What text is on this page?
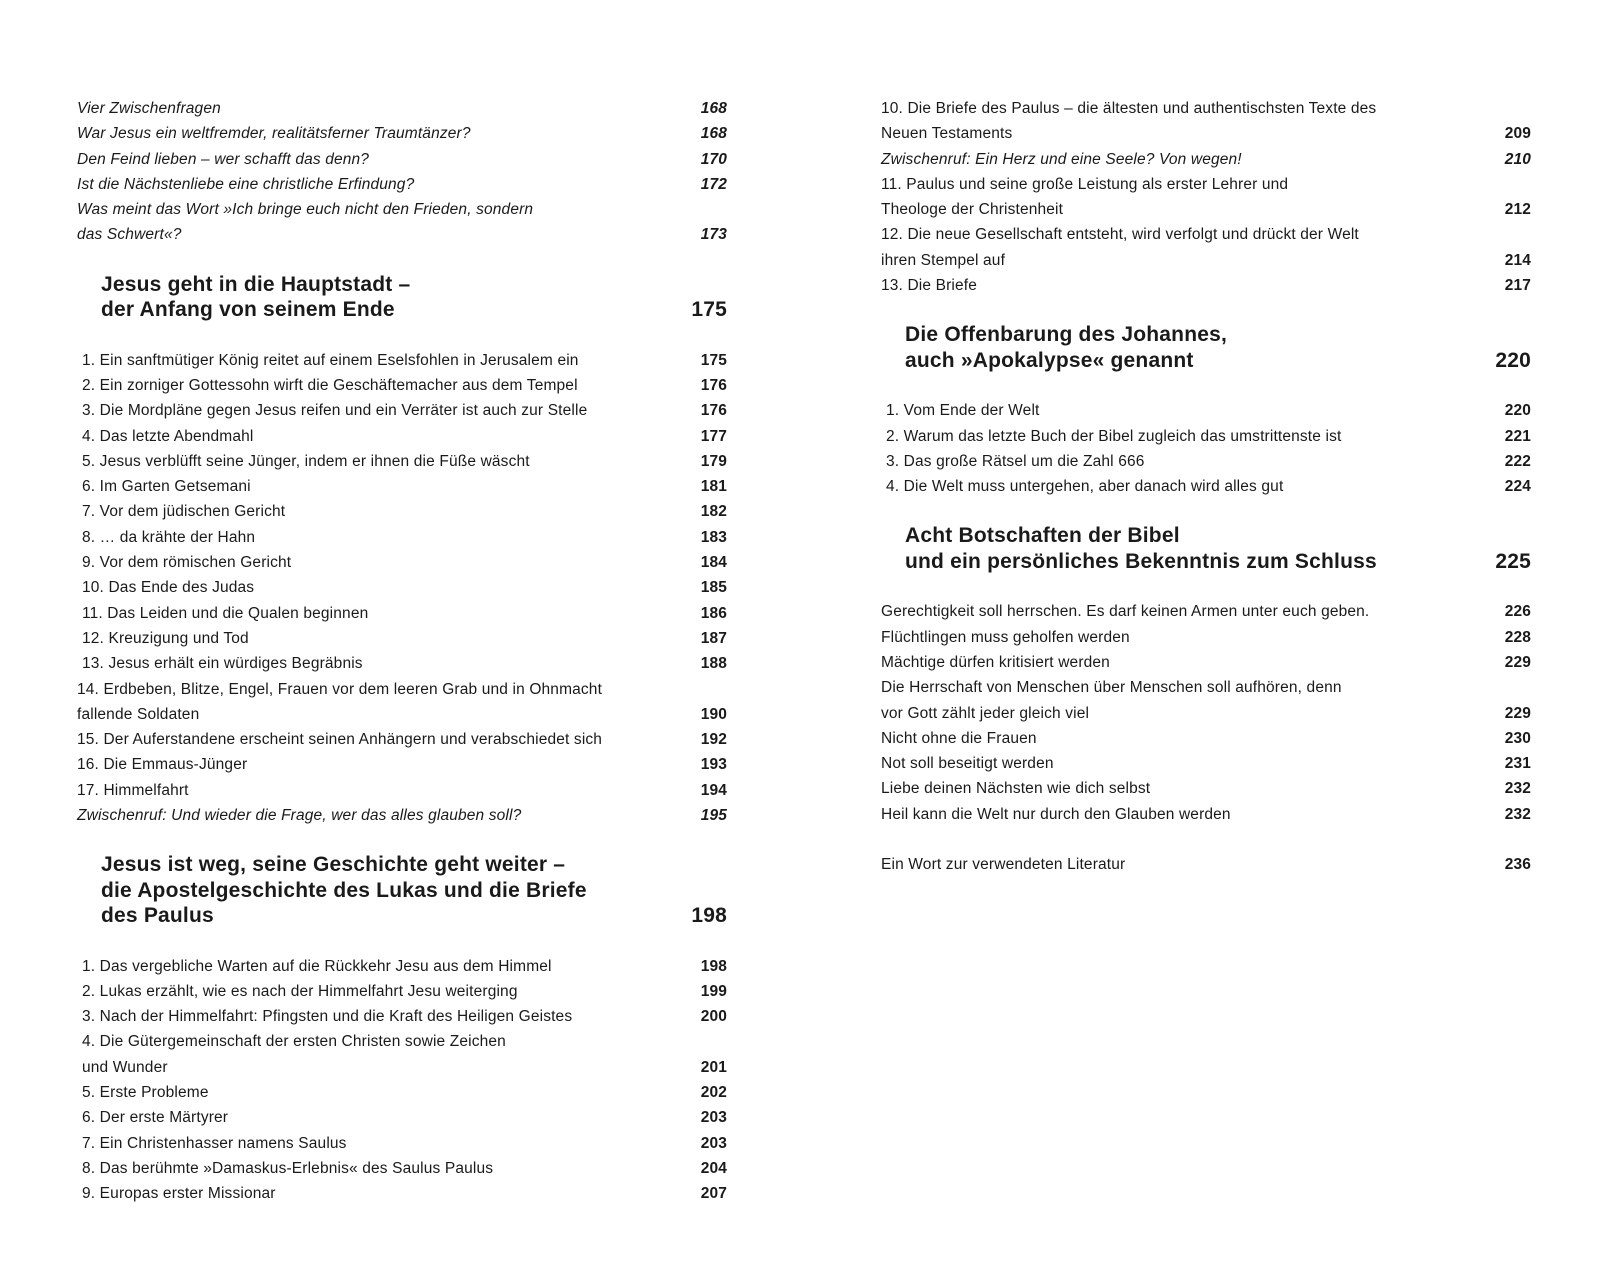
Vier Zwischenfragen	168
War Jesus ein weltfremder, realitätsferner Traumtänzer?	168
Den Feind lieben – wer schafft das denn?	170
Ist die Nächstenliebe eine christliche Erfindung?	172
Was meint das Wort »Ich bringe euch nicht den Frieden, sondern
das Schwert«?	173
Jesus geht in die Hauptstadt –
der Anfang von seinem Ende	175
1. Ein sanftmütiger König reitet auf einem Eselsfohlen in Jerusalem ein	175
2. Ein zorniger Gottessohn wirft die Geschäftemacher aus dem Tempel	176
3. Die Mordpläne gegen Jesus reifen und ein Verräter ist auch zur Stelle	176
4. Das letzte Abendmahl	177
5. Jesus verblüfft seine Jünger, indem er ihnen die Füße wäscht	179
6. Im Garten Getsemani	181
7. Vor dem jüdischen Gericht	182
8. … da krähte der Hahn	183
9. Vor dem römischen Gericht	184
10. Das Ende des Judas	185
11. Das Leiden und die Qualen beginnen	186
12. Kreuzigung und Tod	187
13. Jesus erhält ein würdiges Begräbnis	188
14. Erdbeben, Blitze, Engel, Frauen vor dem leeren Grab und in Ohnmacht
fallende Soldaten	190
15. Der Auferstandene erscheint seinen Anhängern und verabschiedet sich	192
16. Die Emmaus-Jünger	193
17. Himmelfahrt	194
Zwischenruf: Und wieder die Frage, wer das alles glauben soll?	195
Jesus ist weg, seine Geschichte geht weiter –
die Apostelgeschichte des Lukas und die Briefe
des Paulus	198
1. Das vergebliche Warten auf die Rückkehr Jesu aus dem Himmel	198
2. Lukas erzählt, wie es nach der Himmelfahrt Jesu weiterging	199
3. Nach der Himmelfahrt: Pfingsten und die Kraft des Heiligen Geistes	200
4. Die Gütergemeinschaft der ersten Christen sowie Zeichen
und Wunder	201
5. Erste Probleme	202
6. Der erste Märtyrer	203
7. Ein Christenhasser namens Saulus	203
8. Das berühmte »Damaskus-Erlebnis« des Saulus Paulus	204
9. Europas erster Missionar	207
10. Die Briefe des Paulus – die ältesten und authentischsten Texte des
Neuen Testaments	209
Zwischenruf: Ein Herz und eine Seele? Von wegen!	210
11. Paulus und seine große Leistung als erster Lehrer und
Theologe der Christenheit	212
12. Die neue Gesellschaft entsteht, wird verfolgt und drückt der Welt
ihren Stempel auf	214
13. Die Briefe	217
Die Offenbarung des Johannes,
auch »Apokalypse« genannt	220
1. Vom Ende der Welt	220
2. Warum das letzte Buch der Bibel zugleich das umstrittenste ist	221
3. Das große Rätsel um die Zahl 666	222
4. Die Welt muss untergehen, aber danach wird alles gut	224
Acht Botschaften der Bibel
und ein persönliches Bekenntnis zum Schluss	225
Gerechtigkeit soll herrschen. Es darf keinen Armen unter euch geben.	226
Flüchtlingen muss geholfen werden	228
Mächtige dürfen kritisiert werden	229
Die Herrschaft von Menschen über Menschen soll aufhören, denn
vor Gott zählt jeder gleich viel	229
Nicht ohne die Frauen	230
Not soll beseitigt werden	231
Liebe deinen Nächsten wie dich selbst	232
Heil kann die Welt nur durch den Glauben werden	232
Ein Wort zur verwendeten Literatur	236
